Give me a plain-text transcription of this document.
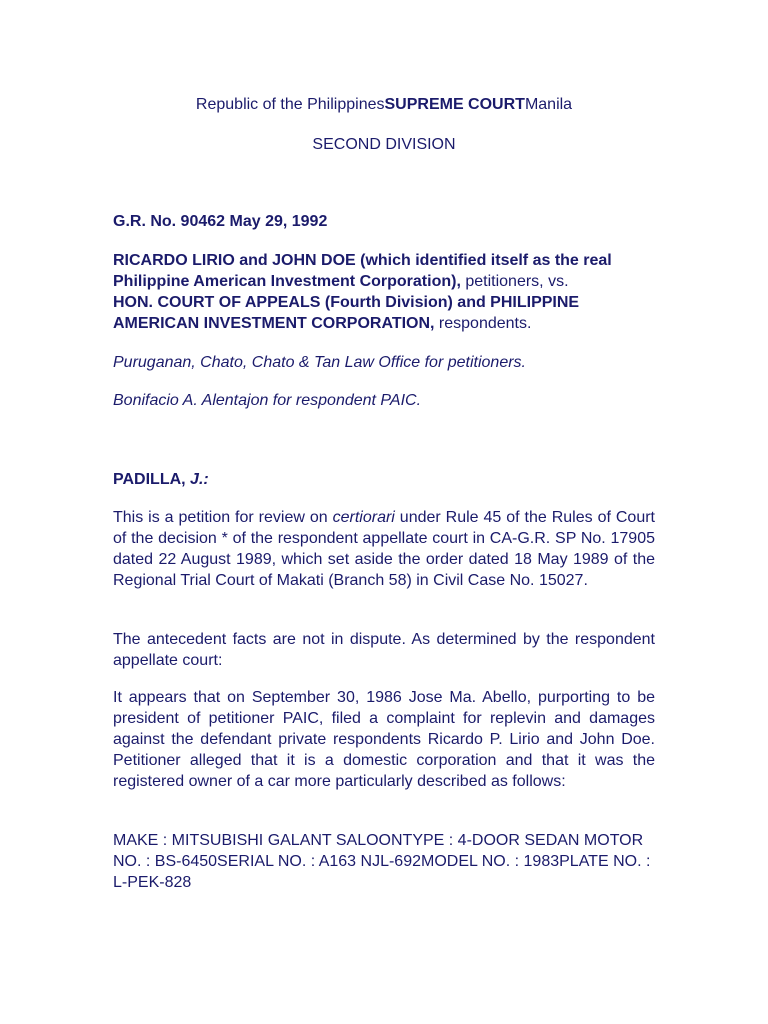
Republic of the PhilippinesSUPREME COURTManila

SECOND DIVISION

G.R. No. 90462 May 29, 1992

RICARDO LIRIO and JOHN DOE (which identified itself as the real Philippine American Investment Corporation), petitioners, vs.
HON. COURT OF APPEALS (Fourth Division) and PHILIPPINE AMERICAN INVESTMENT CORPORATION, respondents.

Puruganan, Chato, Chato & Tan Law Office for petitioners.

Bonifacio A. Alentajon for respondent PAIC.

PADILLA, J.:

This is a petition for review on certiorari under Rule 45 of the Rules of Court of the decision * of the respondent appellate court in CA-G.R. SP No. 17905 dated 22 August 1989, which set aside the order dated 18 May 1989 of the Regional Trial Court of Makati (Branch 58) in Civil Case No. 15027.

The antecedent facts are not in dispute. As determined by the respondent appellate court:

It appears that on September 30, 1986 Jose Ma. Abello, purporting to be president of petitioner PAIC, filed a complaint for replevin and damages against the defendant private respondents Ricardo P. Lirio and John Doe. Petitioner alleged that it is a domestic corporation and that it was the registered owner of a car more particularly described as follows:

MAKE : MITSUBISHI GALANT SALOONTYPE : 4-DOOR SEDAN MOTOR NO. : BS-6450SERIAL NO. : A163 NJL-692MODEL NO. : 1983PLATE NO. : L-PEK-828
